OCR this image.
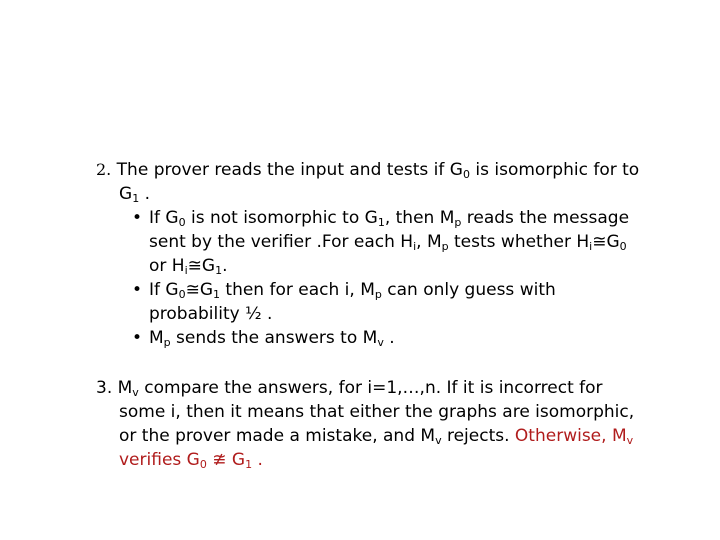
2. The prover reads the input and tests if $G_0$ is isomorphic for to
$G_1$ .
• If $G_0$ is not isomorphic to $G_1$, then $M_p$ reads the message
sent by the verifier .For each $H_i$, $M_p$ tests whether $H_i≅G_0$
or $H_i≅G_1$.
• If $G_0≅G_1$ then for each i, $M_p$ can only guess with
probability ½ .
• $M_p$ sends the answers to $M_v$ .
3. $M_v$ compare the answers, for i=1,…,n. If it is incorrect for
some i, then it means that either the graphs are isomorphic,
or the prover made a mistake, and $M_v$ rejects. Otherwise, $M_v$
verifies $G_0$ ≇ $G_1$ .
